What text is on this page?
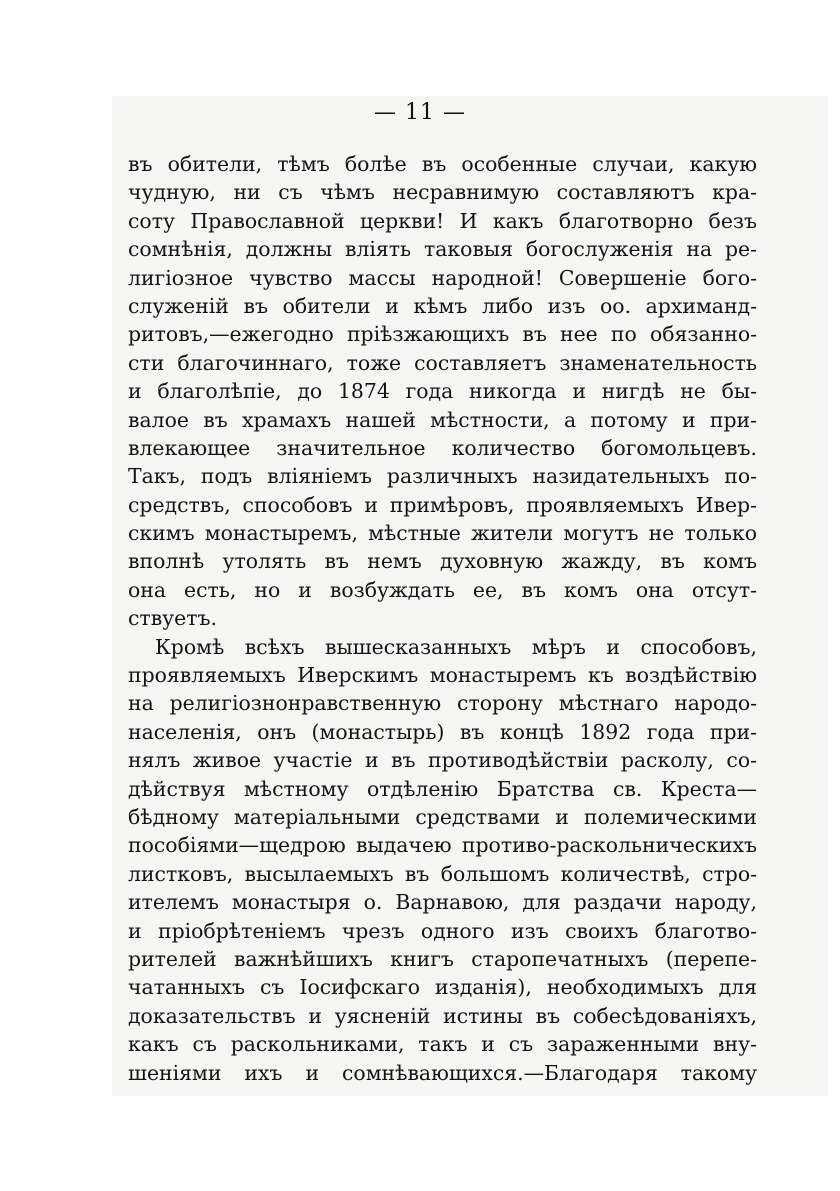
— 11 —
въ обители, тѣмъ болѣе въ особенные случаи, какую
чудную, ни съ чѣмъ несравнимую составляютъ кра-
соту Православной церкви! И какъ благотворно безъ
сомнѣнія, должны влiять таковыя богослуженія на ре-
лигіозное чувство массы народной! Совершеніе бого-
служеній въ обители и кѣмъ либо изъ оо. архиманд-
ритовъ,—ежегодно пріѣзжающихъ въ нее по обязанно-
сти благочиннаго, тоже составляетъ знаменательность
и благолѣпіе, до 1874 года никогда и нигдѣ не бы-
валое въ храмахъ нашей мѣстности, а потому и при-
влекающее значительное количество богомольцевъ.
Такъ, подъ вліяніемъ различныхъ назидательныхъ по-
средствъ, способовъ и примѣровъ, проявляемыхъ Ивер-
скимъ монастыремъ, мѣстные жители могутъ не только
вполнѣ утолять въ немъ духовную жажду, въ комъ
она есть, но и возбуждать ее, въ комъ она отсут-
ствуетъ.
Кромѣ всѣхъ вышесказанныхъ мѣръ и способовъ,
проявляемыхъ Иверскимъ монастыремъ къ воздѣйствію
на религіознонравственную сторону мѣстнаго народо-
населенія, онъ (монастырь) въ концѣ 1892 года при-
нялъ живое участіе и въ противодѣйствіи расколу, со-
дѣйствуя мѣстному отдѣленію Братства св. Креста—
бѣдному матеріальными средствами и полемическими
пособіями—щедрою выдачею противо-раскольническихъ
листковъ, высылаемыхъ въ большомъ количествѣ, стро-
ителемъ монастыря о. Варнавою, для раздачи народу,
и пріобрѣтеніемъ чрезъ одного изъ своихъ благотво-
рителей важнѣйшихъ книгъ старопечатныхъ (перепе-
чатанныхъ съ Іосифскаго изданія), необходимыхъ для
доказательствъ и уясненій истины въ собесѣдованіяхъ,
какъ съ раскольниками, такъ и съ зараженными вну-
шеніями ихъ и сомнѣвающихся.—Благодаря такому
